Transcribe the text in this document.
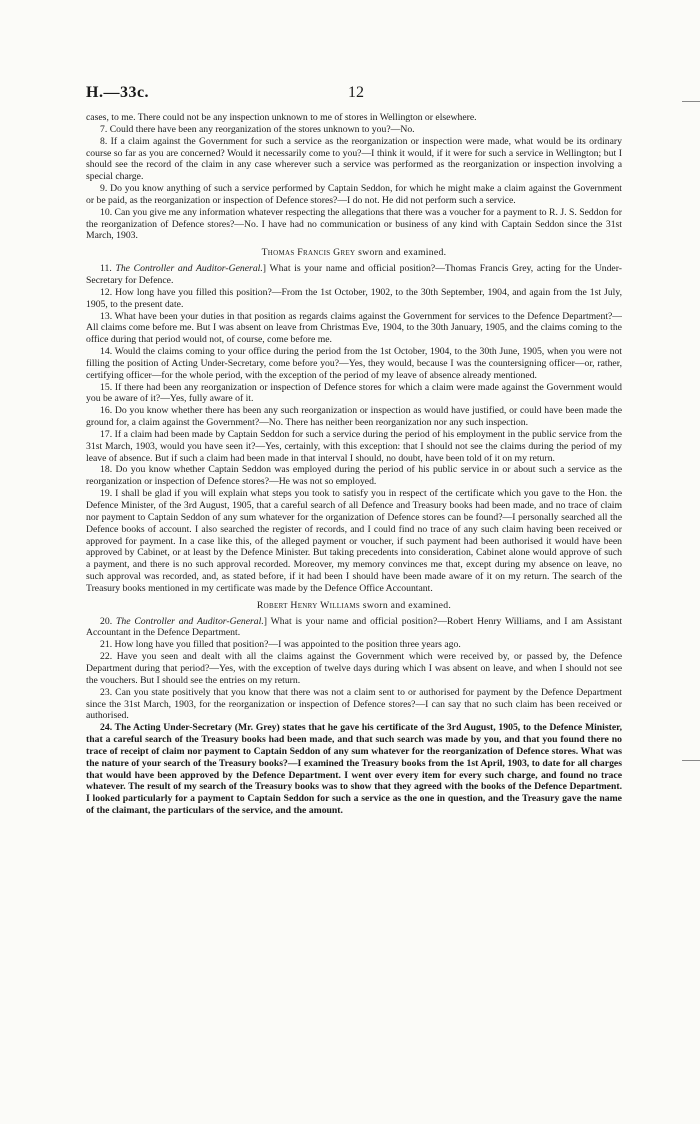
H.—33c.	12

cases, to me. There could not be any inspection unknown to me of stores in Wellington or elsewhere.

7. Could there have been any reorganization of the stores unknown to you?—No.

8. If a claim against the Government for such a service as the reorganization or inspection were made, what would be its ordinary course so far as you are concerned? Would it necessarily come to you?—I think it would, if it were for such a service in Wellington; but I should see the record of the claim in any case wherever such a service was performed as the reorganization or inspection involving a special charge.

9. Do you know anything of such a service performed by Captain Seddon, for which he might make a claim against the Government or be paid, as the reorganization or inspection of Defence stores?—I do not. He did not perform such a service.

10. Can you give me any information whatever respecting the allegations that there was a voucher for a payment to R. J. S. Seddon for the reorganization of Defence stores?—No. I have had no communication or business of any kind with Captain Seddon since the 31st March, 1903.

Thomas Francis Grey sworn and examined.

11. The Controller and Auditor-General.] What is your name and official position?—Thomas Francis Grey, acting for the Under-Secretary for Defence.

12. How long have you filled this position?—From the 1st October, 1902, to the 30th September, 1904, and again from the 1st July, 1905, to the present date.

13. What have been your duties in that position as regards claims against the Government for services to the Defence Department?—All claims come before me. But I was absent on leave from Christmas Eve, 1904, to the 30th January, 1905, and the claims coming to the office during that period would not, of course, come before me.

14. Would the claims coming to your office during the period from the 1st October, 1904, to the 30th June, 1905, when you were not filling the position of Acting Under-Secretary, come before you?—Yes, they would, because I was the countersigning officer—or, rather, certifying officer—for the whole period, with the exception of the period of my leave of absence already mentioned.

15. If there had been any reorganization or inspection of Defence stores for which a claim were made against the Government would you be aware of it?—Yes, fully aware of it.

16. Do you know whether there has been any such reorganization or inspection as would have justified, or could have been made the ground for, a claim against the Government?—No. There has neither been reorganization nor any such inspection.

17. If a claim had been made by Captain Seddon for such a service during the period of his employment in the public service from the 31st March, 1903, would you have seen it?—Yes, certainly, with this exception: that I should not see the claims during the period of my leave of absence. But if such a claim had been made in that interval I should, no doubt, have been told of it on my return.

18. Do you know whether Captain Seddon was employed during the period of his public service in or about such a service as the reorganization or inspection of Defence stores?—He was not so employed.

19. I shall be glad if you will explain what steps you took to satisfy you in respect of the certificate which you gave to the Hon. the Defence Minister, of the 3rd August, 1905, that a careful search of all Defence and Treasury books had been made, and no trace of claim nor payment to Captain Seddon of any sum whatever for the organization of Defence stores can be found?—I personally searched all the Defence books of account. I also searched the register of records, and I could find no trace of any such claim having been received or approved for payment. In a case like this, of the alleged payment or voucher, if such payment had been authorised it would have been approved by Cabinet, or at least by the Defence Minister. But taking precedents into consideration, Cabinet alone would approve of such a payment, and there is no such approval recorded. Moreover, my memory convinces me that, except during my absence on leave, no such approval was recorded, and, as stated before, if it had been I should have been made aware of it on my return. The search of the Treasury books mentioned in my certificate was made by the Defence Office Accountant.

Robert Henry Williams sworn and examined.

20. The Controller and Auditor-General.] What is your name and official position?—Robert Henry Williams, and I am Assistant Accountant in the Defence Department.

21. How long have you filled that position?—I was appointed to the position three years ago.

22. Have you seen and dealt with all the claims against the Government which were received by, or passed by, the Defence Department during that period?—Yes, with the exception of twelve days during which I was absent on leave, and when I should not see the vouchers. But I should see the entries on my return.

23. Can you state positively that you know that there was not a claim sent to or authorised for payment by the Defence Department since the 31st March, 1903, for the reorganization or inspection of Defence stores?—I can say that no such claim has been received or authorised.

24. The Acting Under-Secretary (Mr. Grey) states that he gave his certificate of the 3rd August, 1905, to the Defence Minister, that a careful search of the Treasury books had been made, and that such search was made by you, and that you found there no trace of receipt of claim nor payment to Captain Seddon of any sum whatever for the reorganization of Defence stores. What was the nature of your search of the Treasury books?—I examined the Treasury books from the 1st April, 1903, to date for all charges that would have been approved by the Defence Department. I went over every item for every such charge, and found no trace whatever. The result of my search of the Treasury books was to show that they agreed with the books of the Defence Department. I looked particularly for a payment to Captain Seddon for such a service as the one in question, and the Treasury gave the name of the claimant, the particulars of the service, and the amount.
